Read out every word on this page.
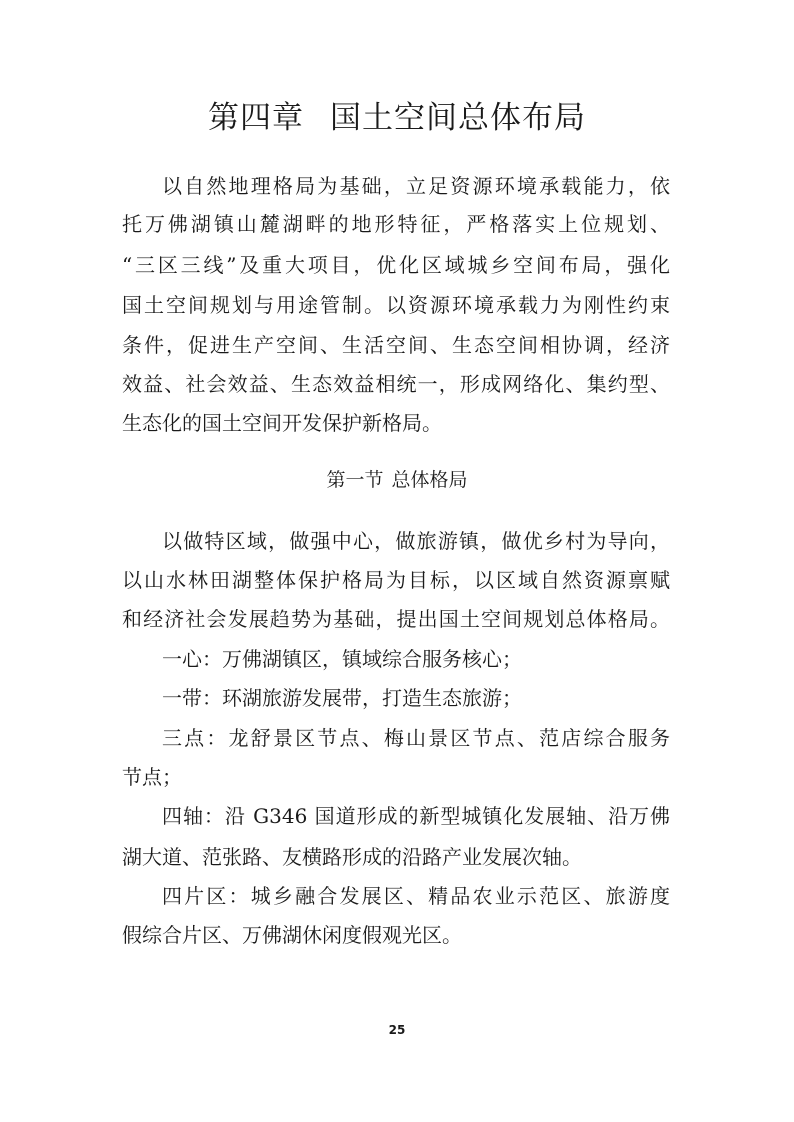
第四章 国土空间总体布局
以自然地理格局为基础，立足资源环境承载能力，依
托万佛湖镇山麓湖畔的地形特征，严格落实上位规划、
“三区三线”及重大项目，优化区域城乡空间布局，强化
国土空间规划与用途管制。以资源环境承载力为刚性约束
条件，促进生产空间、生活空间、生态空间相协调，经济
效益、社会效益、生态效益相统一，形成网络化、集约型、
生态化的国土空间开发保护新格局。
第一节 总体格局
以做特区域，做强中心，做旅游镇，做优乡村为导向，
以山水林田湖整体保护格局为目标，以区域自然资源禀赋
和经济社会发展趋势为基础，提出国土空间规划总体格局。
一心：万佛湖镇区，镇域综合服务核心；
一带：环湖旅游发展带，打造生态旅游；
三点：龙舒景区节点、梅山景区节点、范店综合服务
节点；
四轴：沿 G346 国道形成的新型城镇化发展轴、沿万佛
湖大道、范张路、友横路形成的沿路产业发展次轴。
四片区：城乡融合发展区、精品农业示范区、旅游度
假综合片区、万佛湖休闲度假观光区。
25
